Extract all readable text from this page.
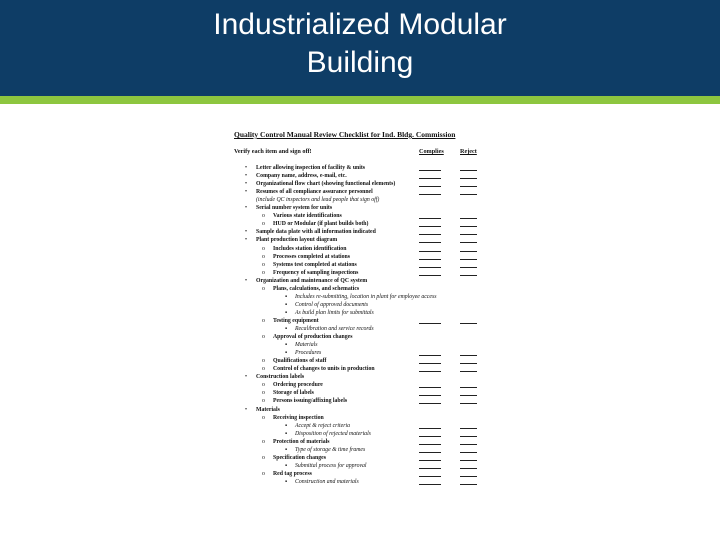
Industrialized Modular
Building
Quality Control Manual Review Checklist for Ind. Bldg. Commission
Verify each item and sign off!	Complies	Reject
• Letter allowing inspection of facility & units
• Company name, address, e-mail, etc.
• Organizational flow chart (showing functional elements)
• Resumes of all compliance assurance personnel
(include QC inspectors and lead people that sign off)
• Serial number system for units
o Various state identifications
o HUD or Modular (if plant builds both)
• Sample data plate with all information indicated
• Plant production layout diagram
o Includes station identification
o Processes completed at stations
o Systems test completed at stations
o Frequency of sampling inspections
• Organization and maintenance of QC system
o Plans, calculations, and schematics
▪ Includes re-submitting, location in plant for employee access
▪ Control of approved documents
▪ As build plan limits for submittals
o Testing equipment
▪ Recalibration and service records
o Approval of production changes
▪ Materials
▪ Procedures
o Qualifications of staff
o Control of changes to units in production
• Construction labels
o Ordering procedure
o Storage of labels
o Persons issuing/affixing labels
• Materials
o Receiving inspection
▪ Accept & reject criteria
▪ Disposition of rejected materials
o Protection of materials
▪ Type of storage & time frames
o Specification changes
▪ Submittal process for approval
o Red tag process
▪ Construction and materials
